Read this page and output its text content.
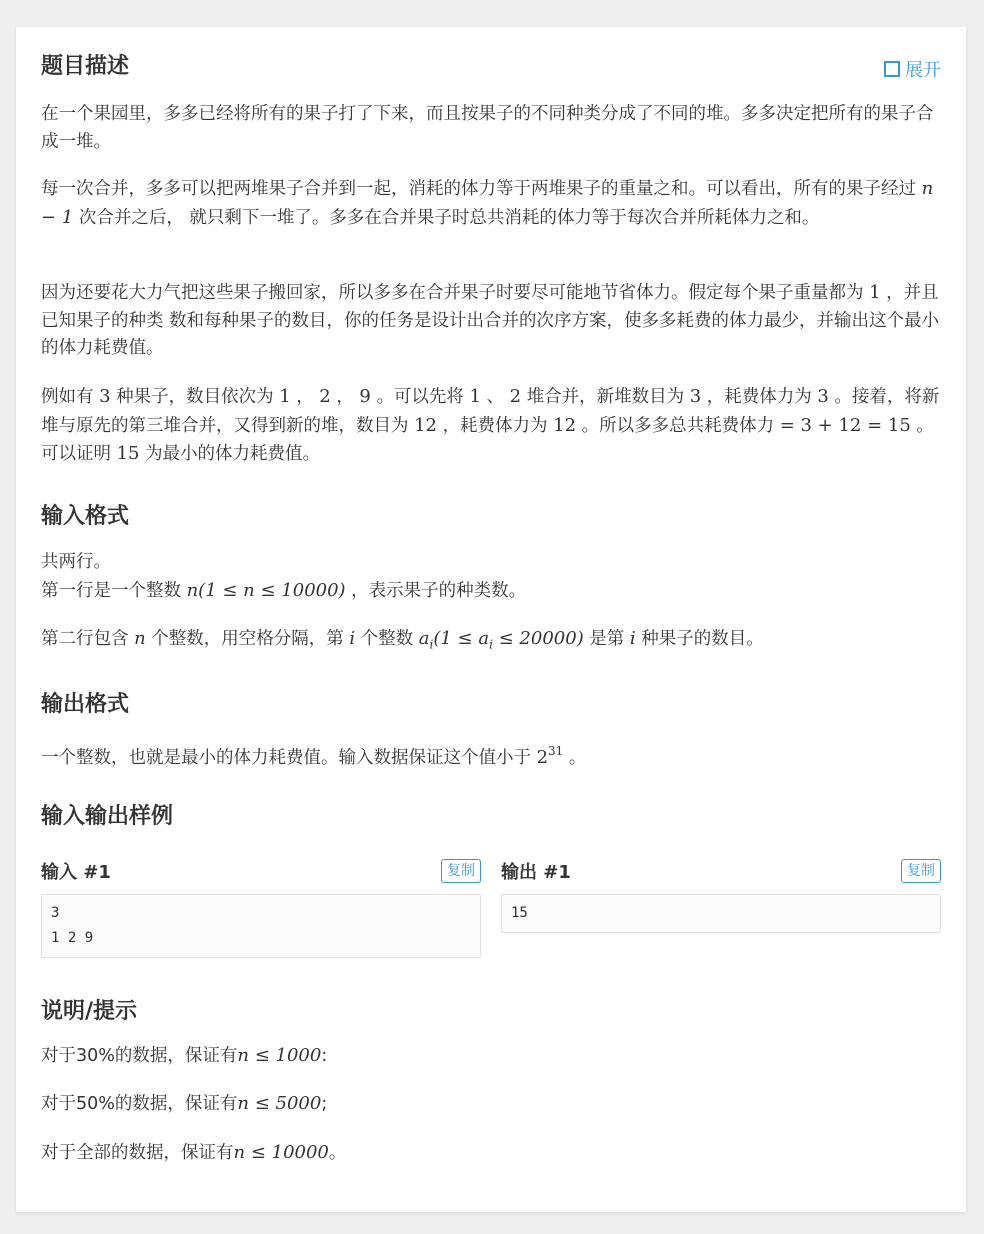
题目描述	展开

在一个果园里，多多已经将所有的果子打了下来，而且按果子的不同种类分成了不同的堆。多多决定把所有的果子合成一堆。

每一次合并，多多可以把两堆果子合并到一起，消耗的体力等于两堆果子的重量之和。可以看出，所有的果子经过 n − 1 次合并之后， 就只剩下一堆了。多多在合并果子时总共消耗的体力等于每次合并所耗体力之和。

因为还要花大力气把这些果子搬回家，所以多多在合并果子时要尽可能地节省体力。假定每个果子重量都为 1 ，并且已知果子的种类 数和每种果子的数目，你的任务是设计出合并的次序方案，使多多耗费的体力最少，并输出这个最小的体力耗费值。

例如有 3 种果子，数目依次为 1 ， 2 ， 9 。可以先将 1 、 2 堆合并，新堆数目为 3 ，耗费体力为 3 。接着，将新堆与原先的第三堆合并，又得到新的堆，数目为 12 ，耗费体力为 12 。所以多多总共耗费体力 = 3 + 12 = 15 。可以证明 15 为最小的体力耗费值。

输入格式

共两行。

第一行是一个整数 n(1 ≤ n ≤ 10000) ，表示果子的种类数。

第二行包含 n 个整数，用空格分隔，第 i 个整数 $a_i(1 \le a_i \le 20000)$ 是第 i 种果子的数目。

输出格式

一个整数，也就是最小的体力耗费值。输入数据保证这个值小于 $2^{31}$ 。

输入输出样例
输入 #1	复制
3
1 2 9
输出 #1	复制
15
说明/提示

对于30%的数据，保证有n ≤ 1000:

对于50%的数据，保证有n ≤ 5000;

对于全部的数据，保证有n ≤ 10000。
